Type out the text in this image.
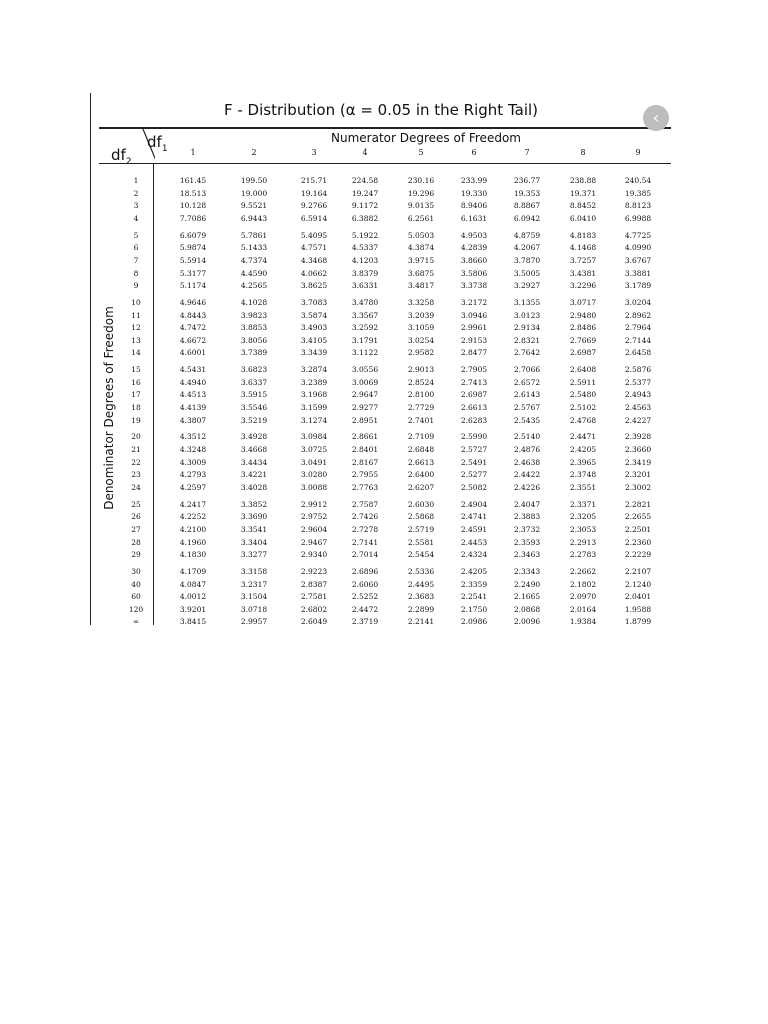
F - Distribution (α = 0.05 in the Right Tail)
$df_2$
$df_1$
Numerator Degrees of Freedom
Denominator Degrees of Freedom
1	2	3	4	5	6	7	8	9
1	161.45	199.50	215.71	224.58	230.16	233.99	236.77	238.88	240.54
2	18.513	19.000	19.164	19.247	19.296	19.330	19.353	19.371	19.385
3	10.128	9.5521	9.2766	9.1172	9.0135	8.9406	8.8867	8.8452	8.8123
4	7.7086	6.9443	6.5914	6.3882	6.2561	6.1631	6.0942	6.0410	6.9988
5	6.6079	5.7861	5.4095	5.1922	5.0503	4.9503	4.8759	4.8183	4.7725
6	5.9874	5.1433	4.7571	4.5337	4.3874	4.2839	4.2067	4.1468	4.0990
7	5.5914	4.7374	4.3468	4.1203	3.9715	3.8660	3.7870	3.7257	3.6767
8	5.3177	4.4590	4.0662	3.8379	3.6875	3.5806	3.5005	3.4381	3.3881
9	5.1174	4.2565	3.8625	3.6331	3.4817	3.3738	3.2927	3.2296	3.1789
10	4.9646	4.1028	3.7083	3.4780	3.3258	3.2172	3.1355	3.0717	3.0204
11	4.8443	3.9823	3.5874	3.3567	3.2039	3.0946	3.0123	2.9480	2.8962
12	4.7472	3.8853	3.4903	3.2592	3.1059	2.9961	2.9134	2.8486	2.7964
13	4.6672	3.8056	3.4105	3.1791	3.0254	2.9153	2.8321	2.7669	2.7144
14	4.6001	3.7389	3.3439	3.1122	2.9582	2.8477	2.7642	2.6987	2.6458
15	4.5431	3.6823	3.2874	3.0556	2.9013	2.7905	2.7066	2.6408	2.5876
16	4.4940	3.6337	3.2389	3.0069	2.8524	2.7413	2.6572	2.5911	2.5377
17	4.4513	3.5915	3.1968	2.9647	2.8100	2.6987	2.6143	2.5480	2.4943
18	4.4139	3.5546	3.1599	2.9277	2.7729	2.6613	2.5767	2.5102	2.4563
19	4.3807	3.5219	3.1274	2.8951	2.7401	2.6283	2.5435	2.4768	2.4227
20	4.3512	3.4928	3.0984	2.8661	2.7109	2.5990	2.5140	2.4471	2.3928
21	4.3248	3.4668	3.0725	2.8401	2.6848	2.5727	2.4876	2.4205	2.3660
22	4.3009	3.4434	3.0491	2.8167	2.6613	2.5491	2.4638	2.3965	2.3419
23	4.2793	3.4221	3.0280	2.7955	2.6400	2.5277	2.4422	2.3748	2.3201
24	4.2597	3.4028	3.0088	2.7763	2.6207	2.5082	2.4226	2.3551	2.3002
25	4.2417	3.3852	2.9912	2.7587	2.6030	2.4904	2.4047	2.3371	2.2821
26	4.2252	3.3690	2.9752	2.7426	2.5868	2.4741	2.3883	2.3205	2.2655
27	4.2100	3.3541	2.9604	2.7278	2.5719	2.4591	2.3732	2.3053	2.2501
28	4.1960	3.3404	2.9467	2.7141	2.5581	2.4453	2.3593	2.2913	2.2360
29	4.1830	3.3277	2.9340	2.7014	2.5454	2.4324	2.3463	2.2783	2.2229
30	4.1709	3.3158	2.9223	2.6896	2.5336	2.4205	2.3343	2.2662	2.2107
40	4.0847	3.2317	2.8387	2.6060	2.4495	2.3359	2.2490	2.1802	2.1240
60	4.0012	3.1504	2.7581	2.5252	2.3683	2.2541	2.1665	2.0970	2.0401
120	3.9201	3.0718	2.6802	2.4472	2.2899	2.1750	2.0868	2.0164	1.9588
∞	3.8415	2.9957	2.6049	2.3719	2.2141	2.0986	2.0096	1.9384	1.8799
‹
